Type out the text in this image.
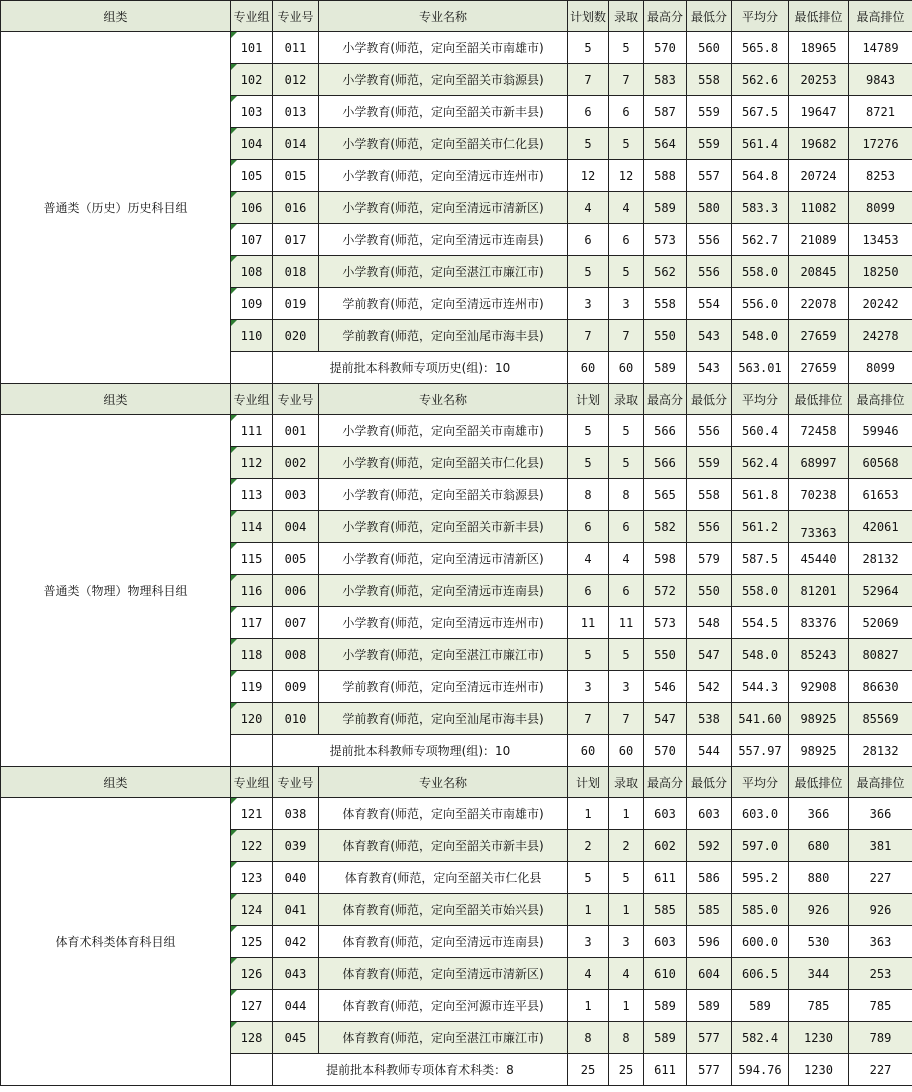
组类	专业组	专业号	专业名称	计划数	录取	最高分	最低分	平均分	最低排位	最高排位
普通类（历史）历史科目组	101	011	小学教育(师范，定向至韶关市南雄市)	5	5	570	560	565.8	18965	14789
	102	012	小学教育(师范，定向至韶关市翁源县)	7	7	583	558	562.6	20253	9843
	103	013	小学教育(师范，定向至韶关市新丰县)	6	6	587	559	567.5	19647	8721
	104	014	小学教育(师范，定向至韶关市仁化县)	5	5	564	559	561.4	19682	17276
	105	015	小学教育(师范，定向至清远市连州市)	12	12	588	557	564.8	20724	8253
	106	016	小学教育(师范，定向至清远市清新区)	4	4	589	580	583.3	11082	8099
	107	017	小学教育(师范，定向至清远市连南县)	6	6	573	556	562.7	21089	13453
	108	018	小学教育(师范，定向至湛江市廉江市)	5	5	562	556	558.0	20845	18250
	109	019	学前教育(师范，定向至清远市连州市)	3	3	558	554	556.0	22078	20242
	110	020	学前教育(师范，定向至汕尾市海丰县)	7	7	550	543	548.0	27659	24278
		提前批本科教师专项历史(组)：10		60	60	589	543	563.01	27659	8099
组类	专业组	专业号	专业名称	计划	录取	最高分	最低分	平均分	最低排位	最高排位
普通类（物理）物理科目组	111	001	小学教育(师范，定向至韶关市南雄市)	5	5	566	556	560.4	72458	59946
	112	002	小学教育(师范，定向至韶关市仁化县)	5	5	566	559	562.4	68997	60568
	113	003	小学教育(师范，定向至韶关市翁源县)	8	8	565	558	561.8	70238	61653
	114	004	小学教育(师范，定向至韶关市新丰县)	6	6	582	556	561.2	73363	42061
	115	005	小学教育(师范，定向至清远市清新区)	4	4	598	579	587.5	45440	28132
	116	006	小学教育(师范，定向至清远市连南县)	6	6	572	550	558.0	81201	52964
	117	007	小学教育(师范，定向至清远市连州市)	11	11	573	548	554.5	83376	52069
	118	008	小学教育(师范，定向至湛江市廉江市)	5	5	550	547	548.0	85243	80827
	119	009	学前教育(师范，定向至清远市连州市)	3	3	546	542	544.3	92908	86630
	120	010	学前教育(师范，定向至汕尾市海丰县)	7	7	547	538	541.60	98925	85569
		提前批本科教师专项物理(组)：10		60	60	570	544	557.97	98925	28132
组类	专业组	专业号	专业名称	计划	录取	最高分	最低分	平均分	最低排位	最高排位
体育术科类体育科目组	121	038	体育教育(师范，定向至韶关市南雄市)	1	1	603	603	603.0	366	366
	122	039	体育教育(师范，定向至韶关市新丰县)	2	2	602	592	597.0	680	381
	123	040	体育教育(师范，定向至韶关市仁化县	5	5	611	586	595.2	880	227
	124	041	体育教育(师范，定向至韶关市始兴县)	1	1	585	585	585.0	926	926
	125	042	体育教育(师范，定向至清远市连南县)	3	3	603	596	600.0	530	363
	126	043	体育教育(师范，定向至清远市清新区)	4	4	610	604	606.5	344	253
	127	044	体育教育(师范，定向至河源市连平县)	1	1	589	589	589	785	785
	128	045	体育教育(师范，定向至湛江市廉江市)	8	8	589	577	582.4	1230	789
		提前批本科教师专项体育术科类：8		25	25	611	577	594.76	1230	227
